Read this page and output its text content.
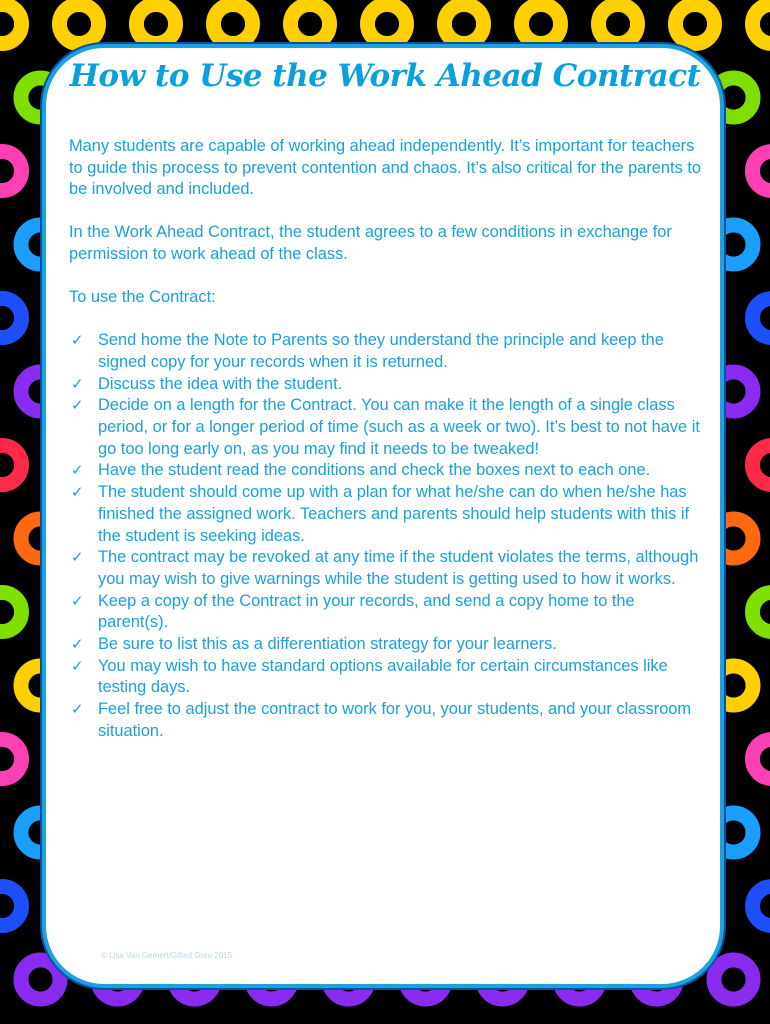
How to Use the Work Ahead Contract

Many students are capable of working ahead independently. It’s important for teachers to guide this process to prevent contention and chaos. It’s also critical for the parents to be involved and included.

In the Work Ahead Contract, the student agrees to a few conditions in exchange for permission to work ahead of the class.

To use the Contract:

✓ Send home the Note to Parents so they understand the principle and keep the signed copy for your records when it is returned.
✓ Discuss the idea with the student.
✓ Decide on a length for the Contract. You can make it the length of a single class period, or for a longer period of time (such as a week or two). It’s best to not have it go too long early on, as you may find it needs to be tweaked!
✓ Have the student read the conditions and check the boxes next to each one.
✓ The student should come up with a plan for what he/she can do when he/she has finished the assigned work. Teachers and parents should help students with this if the student is seeking ideas.
✓ The contract may be revoked at any time if the student violates the terms, although you may wish to give warnings while the student is getting used to how it works.
✓ Keep a copy of the Contract in your records, and send a copy home to the parent(s).
✓ Be sure to list this as a differentiation strategy for your learners.
✓ You may wish to have standard options available for certain circumstances like testing days.
✓ Feel free to adjust the contract to work for you, your students, and your classroom situation.
© Lisa Van Gemert/Gifted Guru 2015
